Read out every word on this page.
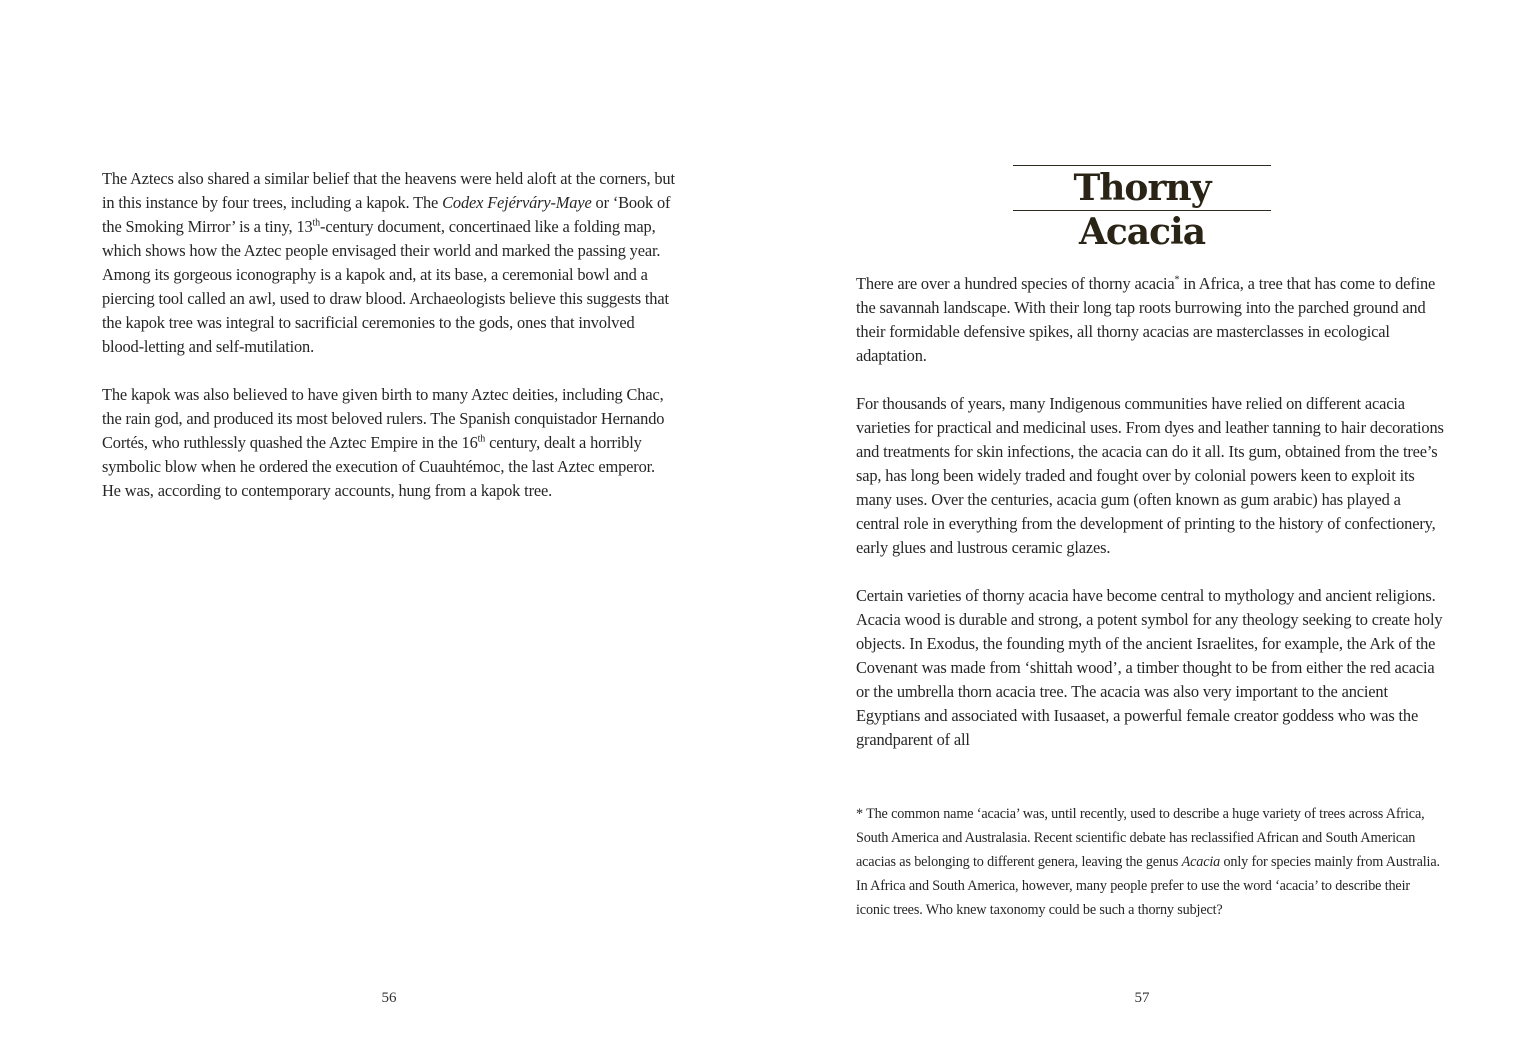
The Aztecs also shared a similar belief that the heavens were held aloft at the corners, but in this instance by four trees, including a kapok. The Codex Fejérváry-Maye or ‘Book of the Smoking Mirror’ is a tiny, 13th-century document, concertinaed like a folding map, which shows how the Aztec people envisaged their world and marked the passing year. Among its gorgeous iconography is a kapok and, at its base, a ceremonial bowl and a piercing tool called an awl, used to draw blood. Archaeologists believe this suggests that the kapok tree was integral to sacrificial ceremonies to the gods, ones that involved blood-letting and self-mutilation.

The kapok was also believed to have given birth to many Aztec deities, including Chac, the rain god, and produced its most beloved rulers. The Spanish conquistador Hernando Cortés, who ruthlessly quashed the Aztec Empire in the 16th century, dealt a horribly symbolic blow when he ordered the execution of Cuauhtémoc, the last Aztec emperor. He was, according to contemporary accounts, hung from a kapok tree.

56
Thorny Acacia

There are over a hundred species of thorny acacia* in Africa, a tree that has come to define the savannah landscape. With their long tap roots burrowing into the parched ground and their formidable defensive spikes, all thorny acacias are masterclasses in ecological adaptation.

For thousands of years, many Indigenous communities have relied on different acacia varieties for practical and medicinal uses. From dyes and leather tanning to hair decorations and treatments for skin infections, the acacia can do it all. Its gum, obtained from the tree’s sap, has long been widely traded and fought over by colonial powers keen to exploit its many uses. Over the centuries, acacia gum (often known as gum arabic) has played a central role in everything from the development of printing to the history of confectionery, early glues and lustrous ceramic glazes.

Certain varieties of thorny acacia have become central to mythology and ancient religions. Acacia wood is durable and strong, a potent symbol for any theology seeking to create holy objects. In Exodus, the founding myth of the ancient Israelites, for example, the Ark of the Covenant was made from ‘shittah wood’, a timber thought to be from either the red acacia or the umbrella thorn acacia tree. The acacia was also very important to the ancient Egyptians and associated with Iusaaset, a powerful female creator goddess who was the grandparent of all

* The common name ‘acacia’ was, until recently, used to describe a huge variety of trees across Africa, South America and Australasia. Recent scientific debate has reclassified African and South American acacias as belonging to different genera, leaving the genus Acacia only for species mainly from Australia. In Africa and South America, however, many people prefer to use the word ‘acacia’ to describe their iconic trees. Who knew taxonomy could be such a thorny subject?
57
